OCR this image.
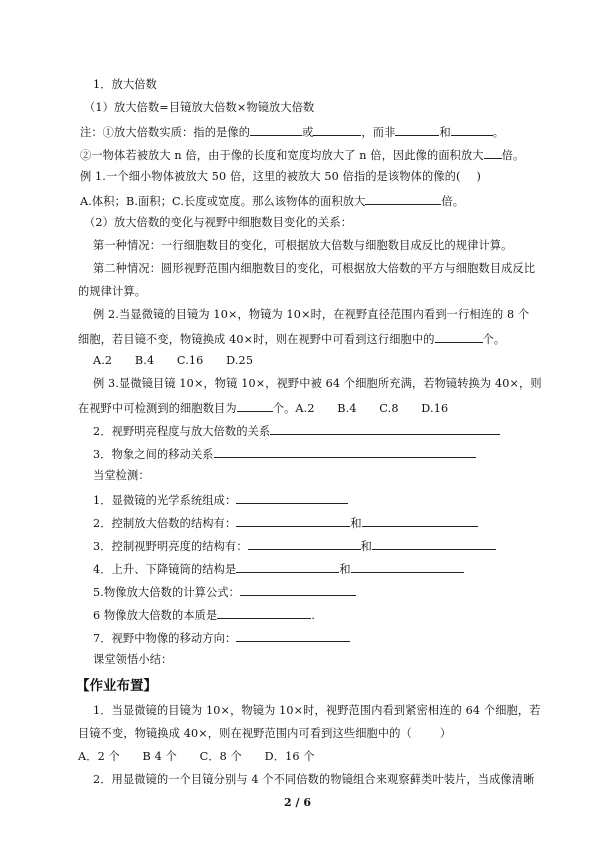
1．放大倍数
（1）放大倍数=目镜放大倍数×物镜放大倍数
注：①放大倍数实质：指的是像的	或	，而非	和	。
②一物体若被放大 n 倍，由于像的长度和宽度均放大了 n 倍，因此像的面积放大 倍。
例 1.一个细小物体被放大 50 倍，这里的被放大 50 倍指的是该物体的像的( )
A.体积；B.面积；C.长度或宽度。那么该物体的面积放大	倍。
（2）放大倍数的变化与视野中细胞数目变化的关系：
第一种情况：一行细胞数目的变化，可根据放大倍数与细胞数目成反比的规律计算。
第二种情况：圆形视野范围内细胞数目的变化，可根据放大倍数的平方与细胞数目成反比
的规律计算。
例 2.当显微镜的目镜为 10×，物镜为 10×时，在视野直径范围内看到一行相连的 8 个
细胞，若目镜不变，物镜换成 40×时，则在视野中可看到这行细胞中的	个。
A.2　　B.4　　C.16　　D.25
例 3.显微镜目镜 10×，物镜 10×，视野中被 64 个细胞所充满，若物镜转换为 40×，则
在视野中可检测到的细胞数目为	个。A.2　　B.4　　C.8　　D.16
2．视野明亮程度与放大倍数的关系
3．物象之间的移动关系
当堂检测：
1．显微镜的光学系统组成：
2．控制放大倍数的结构有：	和
3．控制视野明亮度的结构有：	和
4．上升、下降镜筒的结构是	和
5.物像放大倍数的计算公式：
6 物像放大倍数的本质是	.
7．视野中物像的移动方向：
课堂领悟小结：
【作业布置】
1．当显微镜的目镜为 10×，物镜为 10×时，视野范围内看到紧密相连的 64 个细胞，若
目镜不变，物镜换成 40×，则在视野范围内可看到这些细胞中的（	）
A．2 个　　B 4 个　　C．8 个　　D．16 个
2．用显微镜的一个目镜分别与 4 个不同倍数的物镜组合来观察藓类叶装片，当成像清晰
2 / 6
